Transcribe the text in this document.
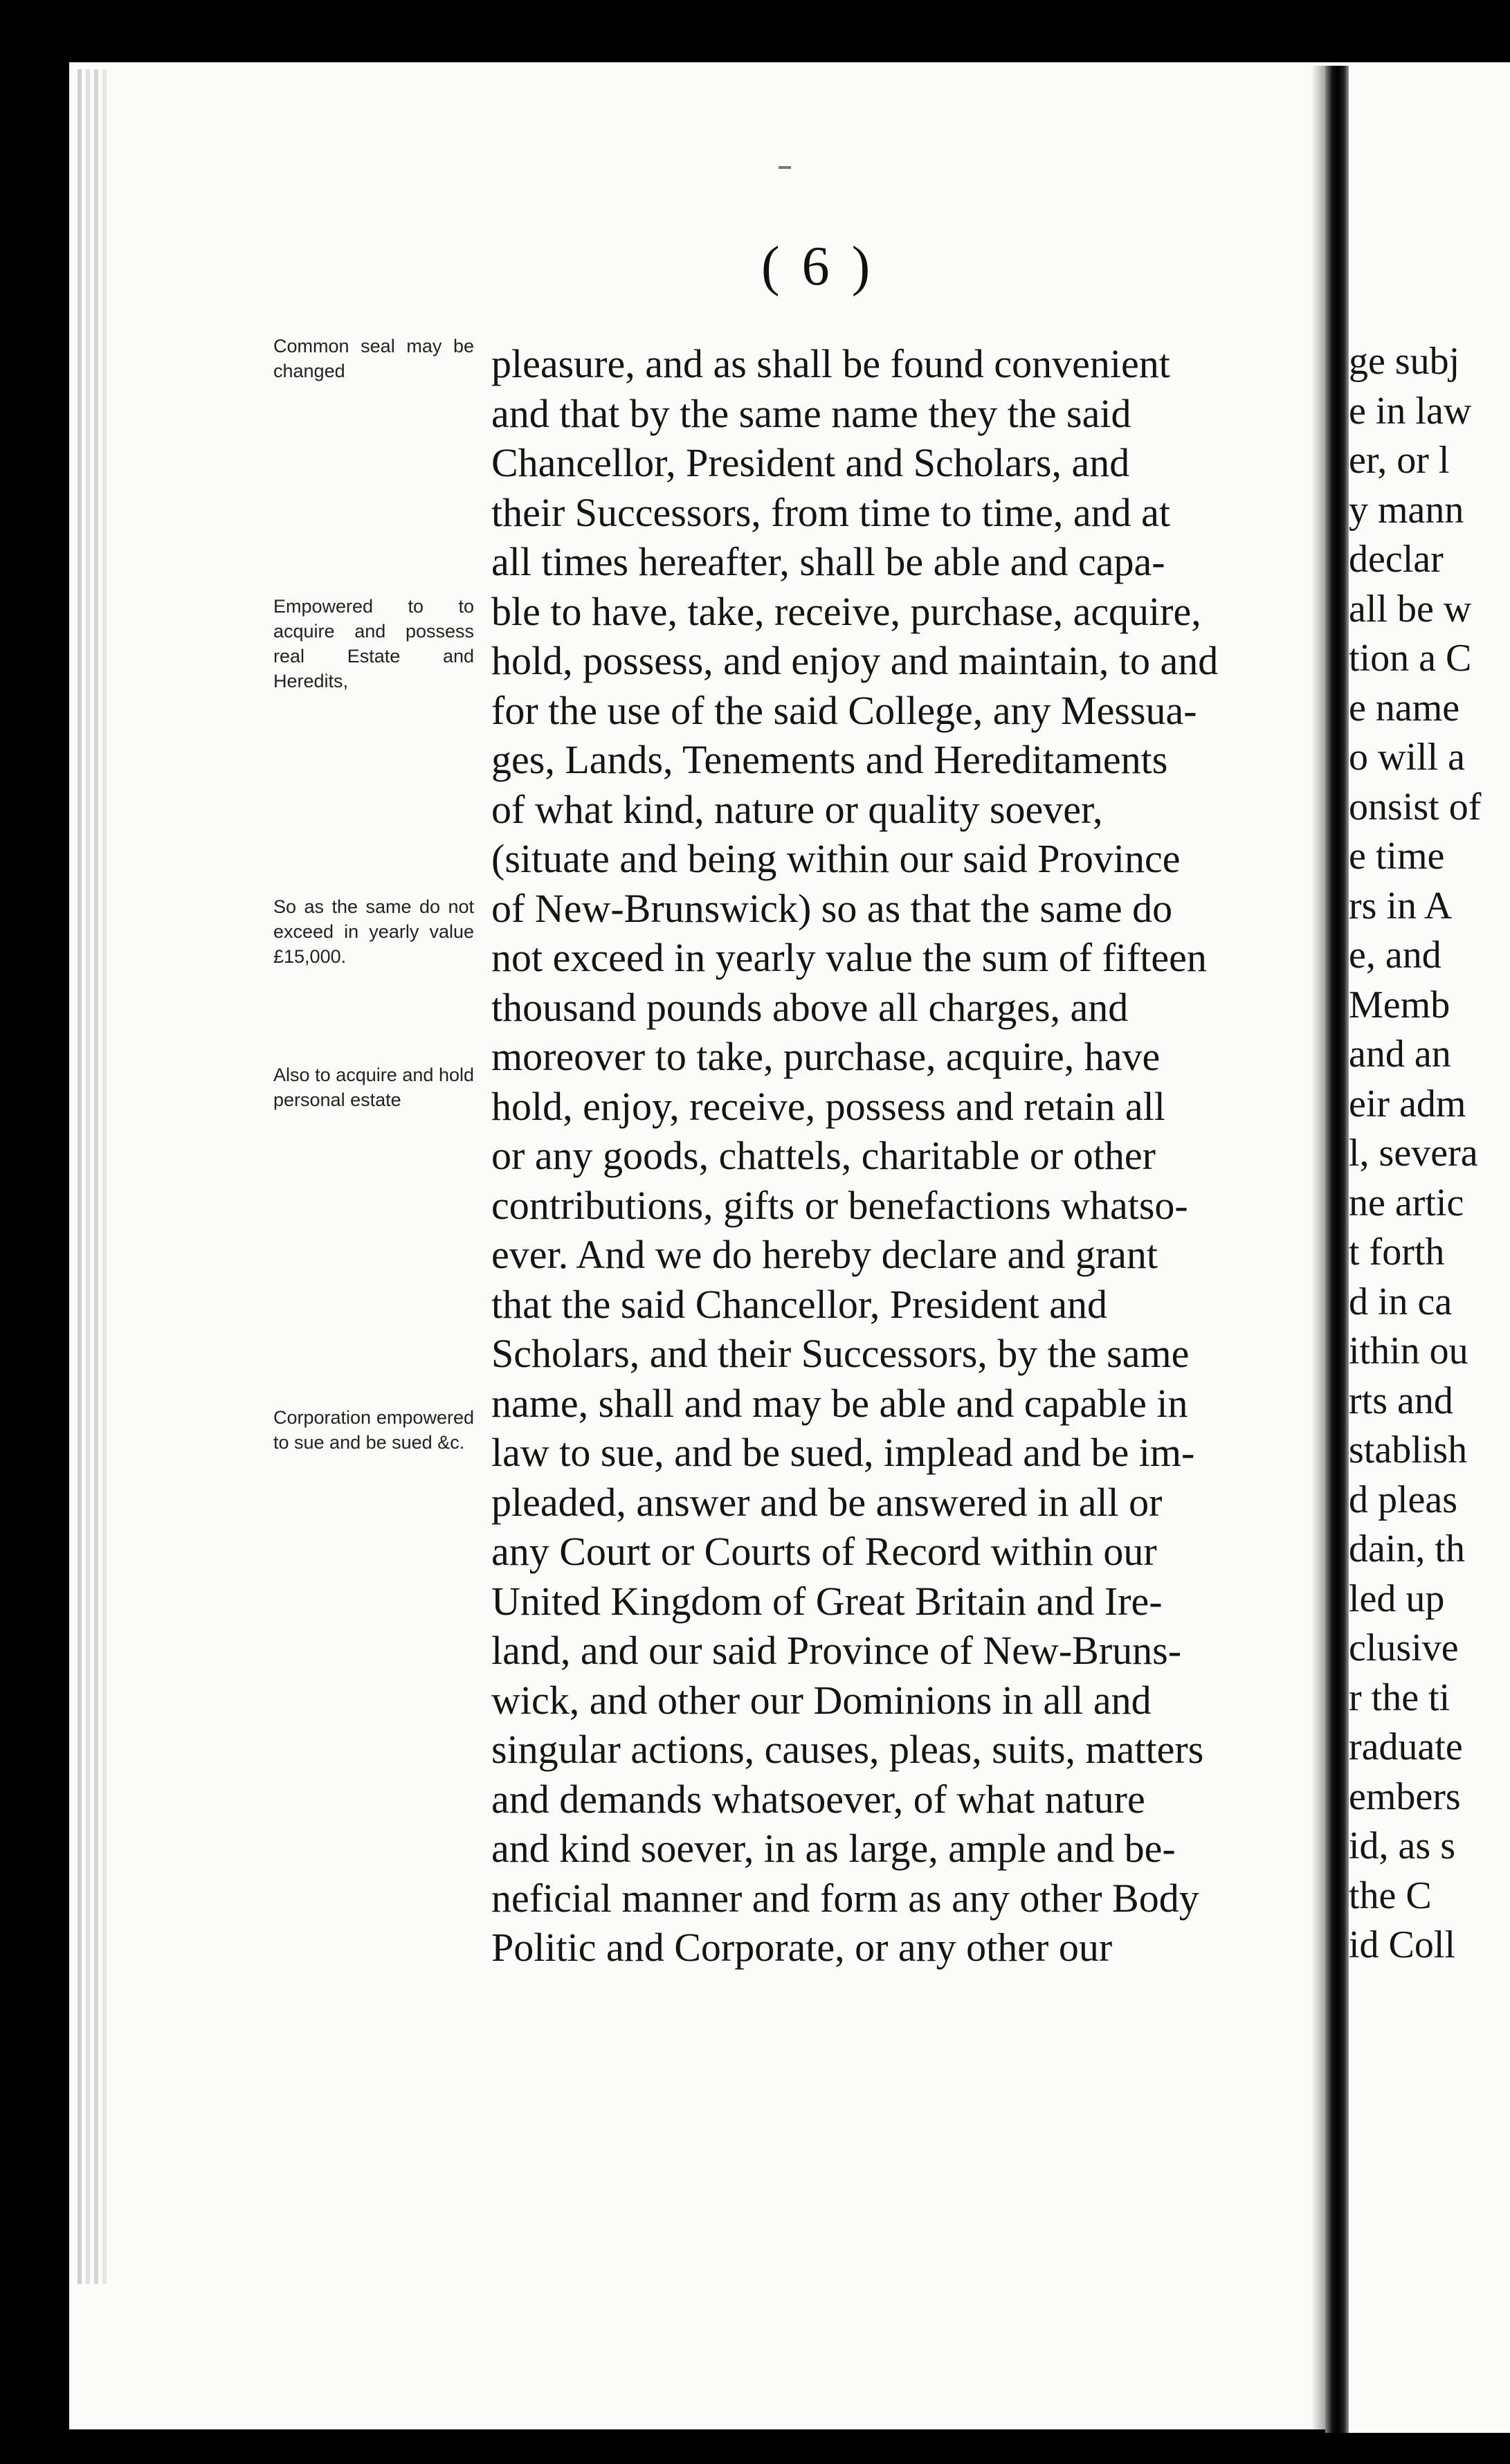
( 6 )
Common seal may be changed
Empowered to to acquire and possess real Estate and Heredits,
So as the same do not exceed in yearly value £15,000.
Also to acquire and hold personal estate
Corporation empowered to sue and be sued &c.
pleasure, and as shall be found convenient
and that by the same name they the said
Chancellor, President and Scholars, and
their Successors, from time to time, and at
all times hereafter, shall be able and capa-
ble to have, take, receive, purchase, acquire,
hold, possess, and enjoy and maintain, to and
for the use of the said College, any Messua-
ges, Lands, Tenements and Hereditaments
of what kind, nature or quality soever,
(situate and being within our said Province
of New-Brunswick) so as that the same do
not exceed in yearly value the sum of fifteen
thousand pounds above all charges, and
moreover to take, purchase, acquire, have
hold, enjoy, receive, possess and retain all
or any goods, chattels, charitable or other
contributions, gifts or benefactions whatso-
ever. And we do hereby declare and grant
that the said Chancellor, President and
Scholars, and their Successors, by the same
name, shall and may be able and capable in
law to sue, and be sued, implead and be im-
pleaded, answer and be answered in all or
any Court or Courts of Record within our
United Kingdom of Great Britain and Ire-
land, and our said Province of New-Bruns-
wick, and other our Dominions in all and
singular actions, causes, pleas, suits, matters
and demands whatsoever, of what nature
and kind soever, in as large, ample and be-
neficial manner and form as any other Body
Politic and Corporate, or any other our
ge subj
e in law
er, or l
y mann
declar
all be w
tion a C
e name
o will a
onsist of
e time
rs in A
e, and
Memb
and an
eir adm
l, severa
ne artic
t forth
d in ca
ithin ou
rts and
stablish
d pleas
dain, th
led up
clusive
r the ti
raduate
embers
id, as s
the C
id Coll
